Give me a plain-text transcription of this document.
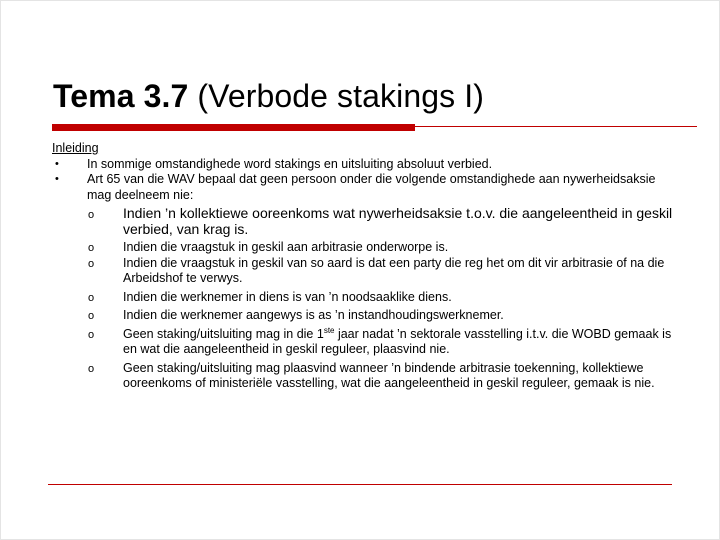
Tema 3.7 (Verbode stakings I)
Inleiding
• In sommige omstandighede word stakings en uitsluiting absoluut verbied.
• Art 65 van die WAV bepaal dat geen persoon onder die volgende omstandighede aan nywerheidsaksie mag deelneem nie:
o Indien ’n kollektiewe ooreenkoms wat nywerheidsaksie t.o.v. die aangeleentheid in geskil verbied, van krag is.
o Indien die vraagstuk in geskil aan arbitrasie onderworpe is.
o Indien die vraagstuk in geskil van so aard is dat een party die reg het om dit vir arbitrasie of na die Arbeidshof te verwys.
o Indien die werknemer in diens is van ’n noodsaaklike diens.
o Indien die werknemer aangewys is as ’n instandhoudingswerknemer.
o Geen staking/uitsluiting mag in die 1ste jaar nadat ’n sektorale vasstelling i.t.v. die WOBD gemaak is en wat die aangeleentheid in geskil reguleer, plaasvind nie.
o Geen staking/uitsluiting mag plaasvind wanneer ’n bindende arbitrasie toekenning, kollektiewe ooreenkoms of ministeriële vasstelling, wat die aangeleentheid in geskil reguleer, gemaak is nie.
